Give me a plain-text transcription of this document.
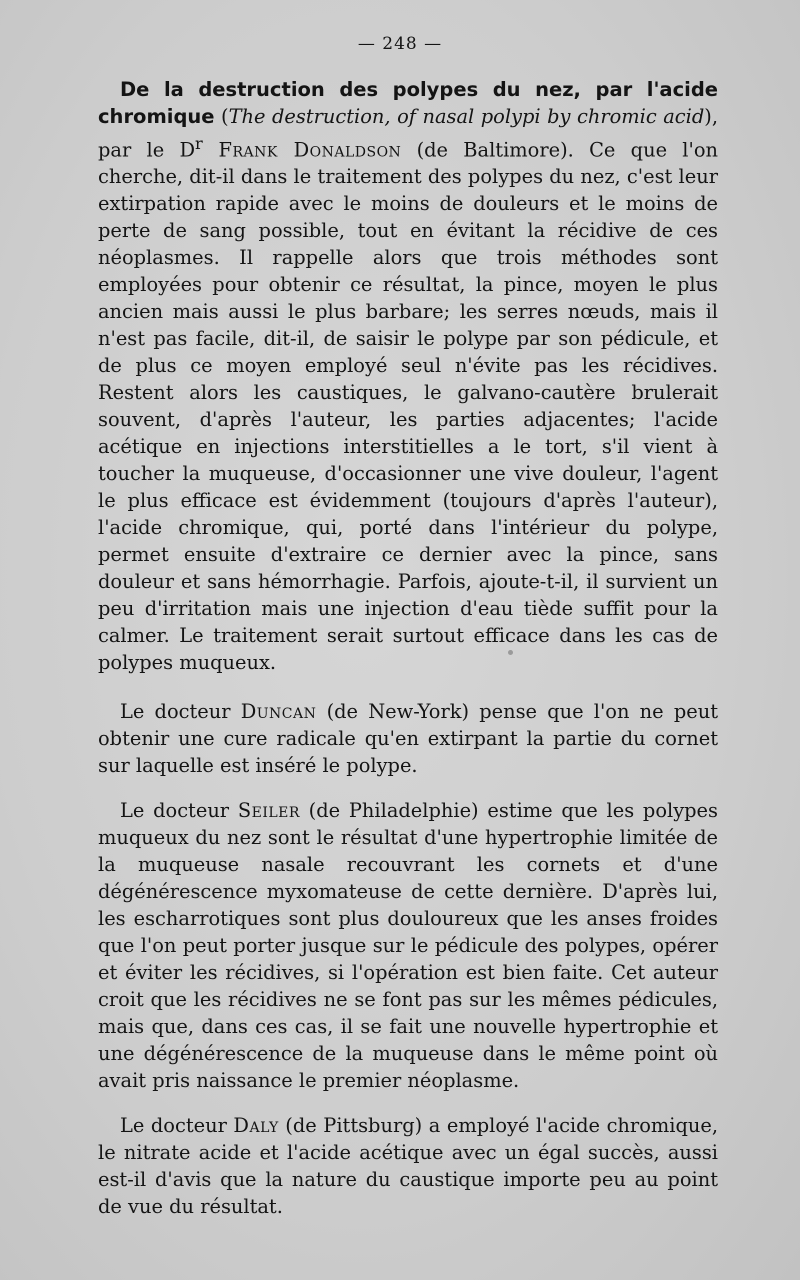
— 248 —

De la destruction des polypes du nez, par l'acide chromique (The destruction, of nasal polypi by chromic acid), par le $D^r$ Frank Donaldson (de Baltimore). Ce que l'on cherche, dit-il dans le traitement des polypes du nez, c'est leur extirpation rapide avec le moins de douleurs et le moins de perte de sang possible, tout en évitant la récidive de ces néoplasmes. Il rappelle alors que trois méthodes sont employées pour obtenir ce résultat, la pince, moyen le plus ancien mais aussi le plus barbare; les serres nœuds, mais il n'est pas facile, dit-il, de saisir le polype par son pédicule, et de plus ce moyen employé seul n'évite pas les récidives. Restent alors les caustiques, le galvano-cautère brulerait souvent, d'après l'auteur, les parties adjacentes; l'acide acétique en injections interstitielles a le tort, s'il vient à toucher la muqueuse, d'occasionner une vive douleur, l'agent le plus efficace est évidemment (toujours d'après l'auteur), l'acide chromique, qui, porté dans l'intérieur du polype, permet ensuite d'extraire ce dernier avec la pince, sans douleur et sans hémorrhagie. Parfois, ajoute-t-il, il survient un peu d'irritation mais une injection d'eau tiède suffit pour la calmer. Le traitement serait surtout efficace dans les cas de polypes muqueux.

Le docteur Duncan (de New-York) pense que l'on ne peut obtenir une cure radicale qu'en extirpant la partie du cornet sur laquelle est inséré le polype.

Le docteur Seiler (de Philadelphie) estime que les polypes muqueux du nez sont le résultat d'une hypertrophie limitée de la muqueuse nasale recouvrant les cornets et d'une dégénérescence myxomateuse de cette dernière. D'après lui, les escharrotiques sont plus douloureux que les anses froides que l'on peut porter jusque sur le pédicule des polypes, opérer et éviter les récidives, si l'opération est bien faite. Cet auteur croit que les récidives ne se font pas sur les mêmes pédicules, mais que, dans ces cas, il se fait une nouvelle hypertrophie et une dégénérescence de la muqueuse dans le même point où avait pris naissance le premier néoplasme.

Le docteur Daly (de Pittsburg) a employé l'acide chromique, le nitrate acide et l'acide acétique avec un égal succès, aussi est-il d'avis que la nature du caustique importe peu au point de vue du résultat.
